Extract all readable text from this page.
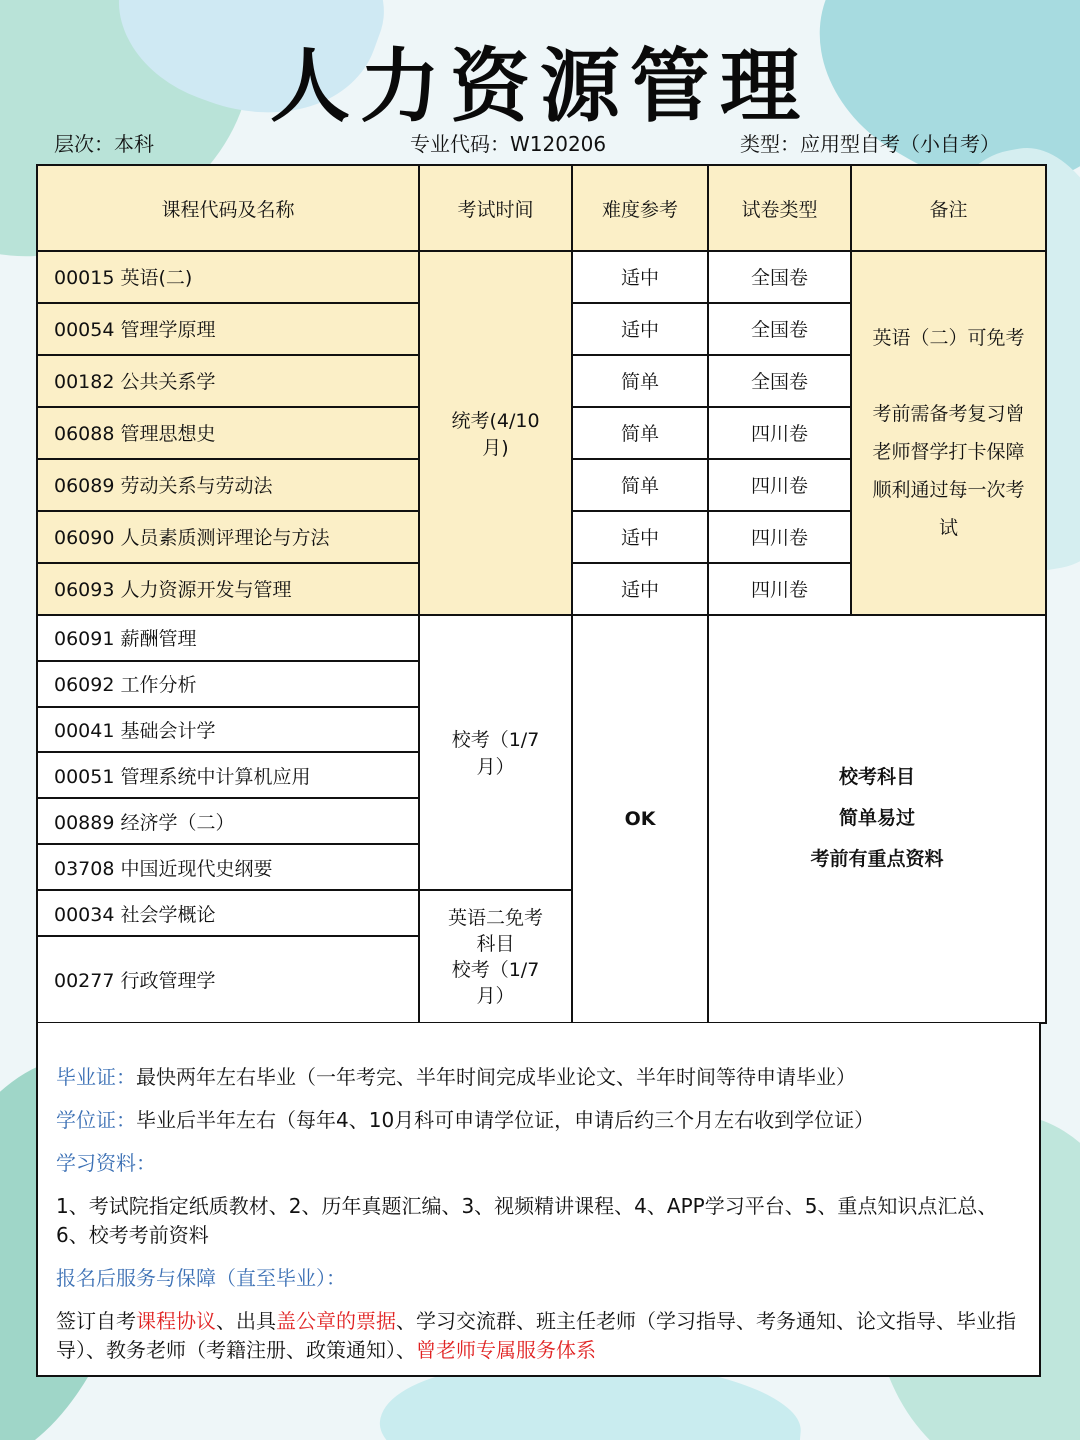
人力资源管理
层次：本科	专业代码：W120206	类型：应用型自考（小自考）
课程代码及名称	考试时间	难度参考	试卷类型	备注
00015 英语(二)	统考(4/10月)	适中	全国卷	英语（二）可免考
考前需备考复习曾老师督学打卡保障顺利通过每一次考试

00054 管理学原理		适中	全国卷	
00182 公共关系学		简单	全国卷	
06088 管理思想史		简单	四川卷	
06089 劳动关系与劳动法		简单	四川卷	
06090 人员素质测评理论与方法		适中	四川卷	
06093 人力资源开发与管理		适中	四川卷	
06091 薪酬管理	校考（1/7月）	OK	校考科目
简单易过
考前有重点资料	

06092 工作分析				
00041 基础会计学				
00051 管理系统中计算机应用				
00889 经济学（二）				
03708 中国近现代史纲要				
00034 社会学概论	英语二免考科目
校考（1/7月）			

00277 行政管理学				

毕业证：最快两年左右毕业（一年考完、半年时间完成毕业论文、半年时间等待申请毕业）

学位证：毕业后半年左右（每年4、10月科可申请学位证，申请后约三个月左右收到学位证）

学习资料：

1、考试院指定纸质教材、2、历年真题汇编、3、视频精讲课程、4、APP学习平台、5、重点知识点汇总、6、校考考前资料

报名后服务与保障（直至毕业）：

签订自考课程协议、出具盖公章的票据、学习交流群、班主任老师（学习指导、考务通知、论文指导、毕业指导）、教务老师（考籍注册、政策通知）、曾老师专属服务体系
